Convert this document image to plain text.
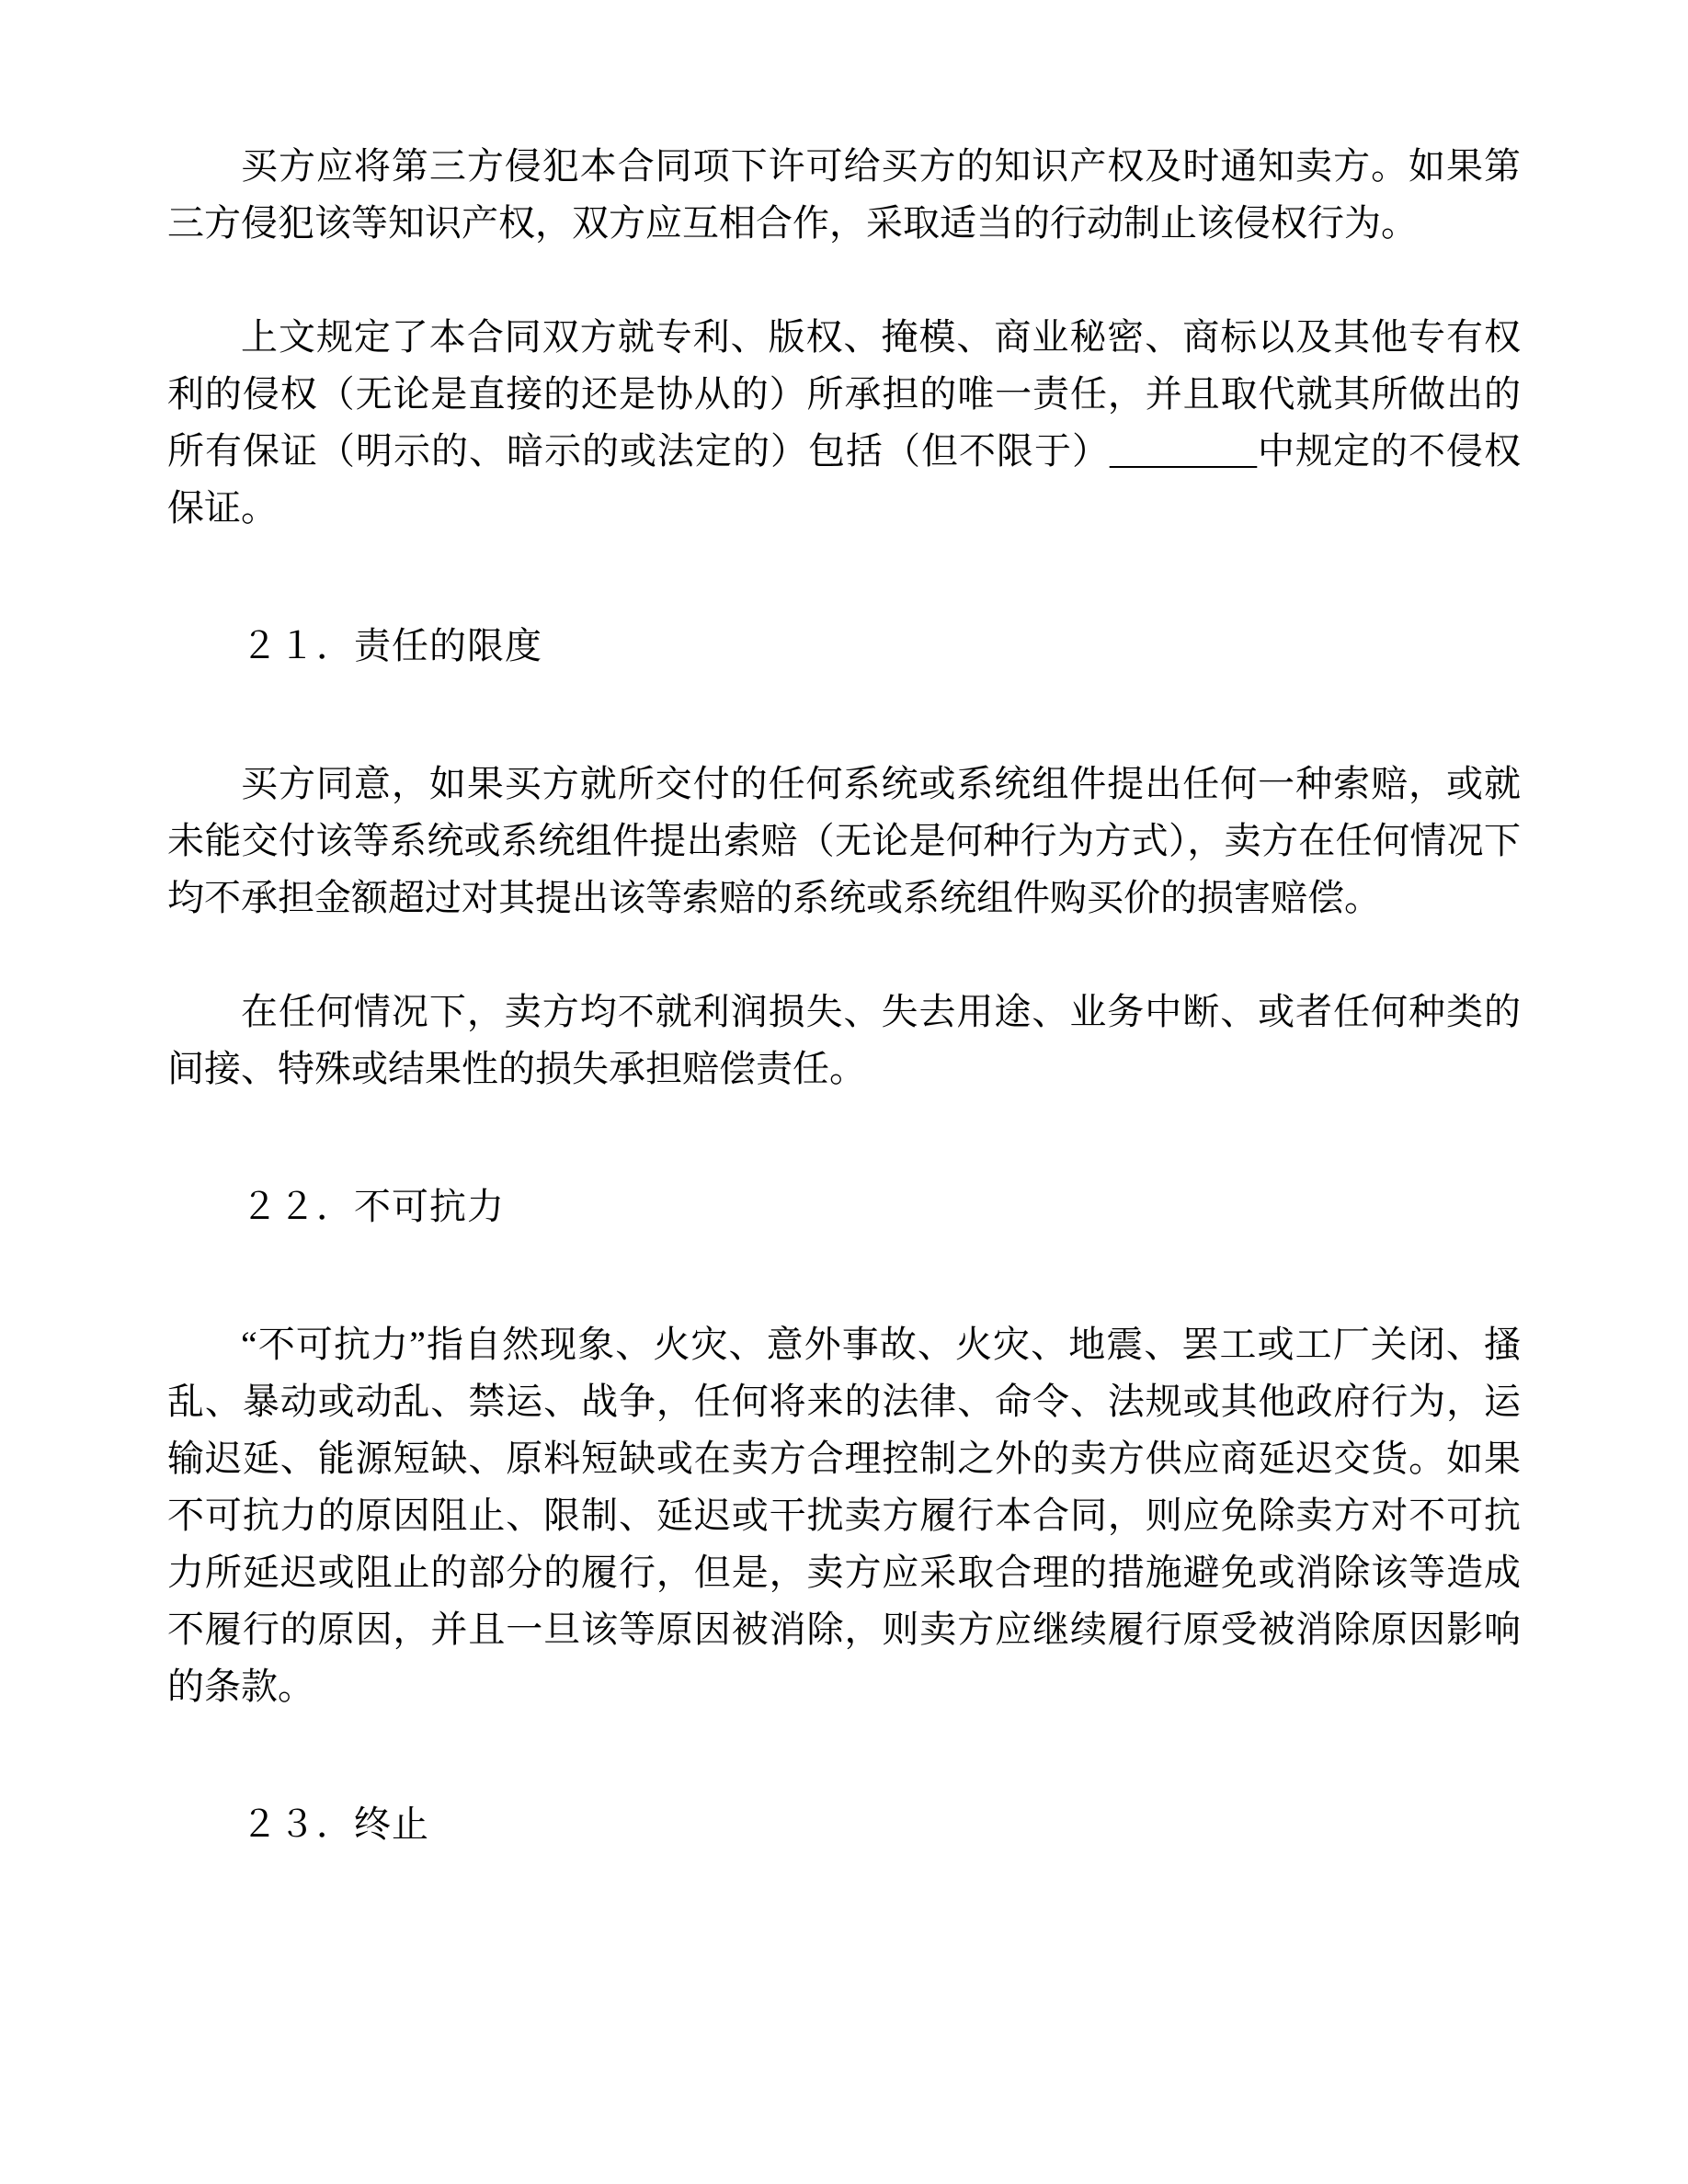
买方应将第三方侵犯本合同项下许可给买方的知识产权及时通知卖方。如果第三方侵犯该等知识产权，双方应互相合作，采取适当的行动制止该侵权行为。

上文规定了本合同双方就专利、版权、掩模、商业秘密、商标以及其他专有权利的侵权（无论是直接的还是协从的）所承担的唯一责任，并且取代就其所做出的所有保证（明示的、暗示的或法定的）包括（但不限于）________中规定的不侵权保证。

２１．责任的限度

买方同意，如果买方就所交付的任何系统或系统组件提出任何一种索赔，或就未能交付该等系统或系统组件提出索赔（无论是何种行为方式），卖方在任何情况下均不承担金额超过对其提出该等索赔的系统或系统组件购买价的损害赔偿。

在任何情况下，卖方均不就利润损失、失去用途、业务中断、或者任何种类的间接、特殊或结果性的损失承担赔偿责任。

２２．不可抗力

“不可抗力”指自然现象、火灾、意外事故、火灾、地震、罢工或工厂关闭、搔乱、暴动或动乱、禁运、战争，任何将来的法律、命令、法规或其他政府行为，运输迟延、能源短缺、原料短缺或在卖方合理控制之外的卖方供应商延迟交货。如果不可抗力的原因阻止、限制、延迟或干扰卖方履行本合同，则应免除卖方对不可抗力所延迟或阻止的部分的履行，但是，卖方应采取合理的措施避免或消除该等造成不履行的原因，并且一旦该等原因被消除，则卖方应继续履行原受被消除原因影响的条款。

２３．终止
